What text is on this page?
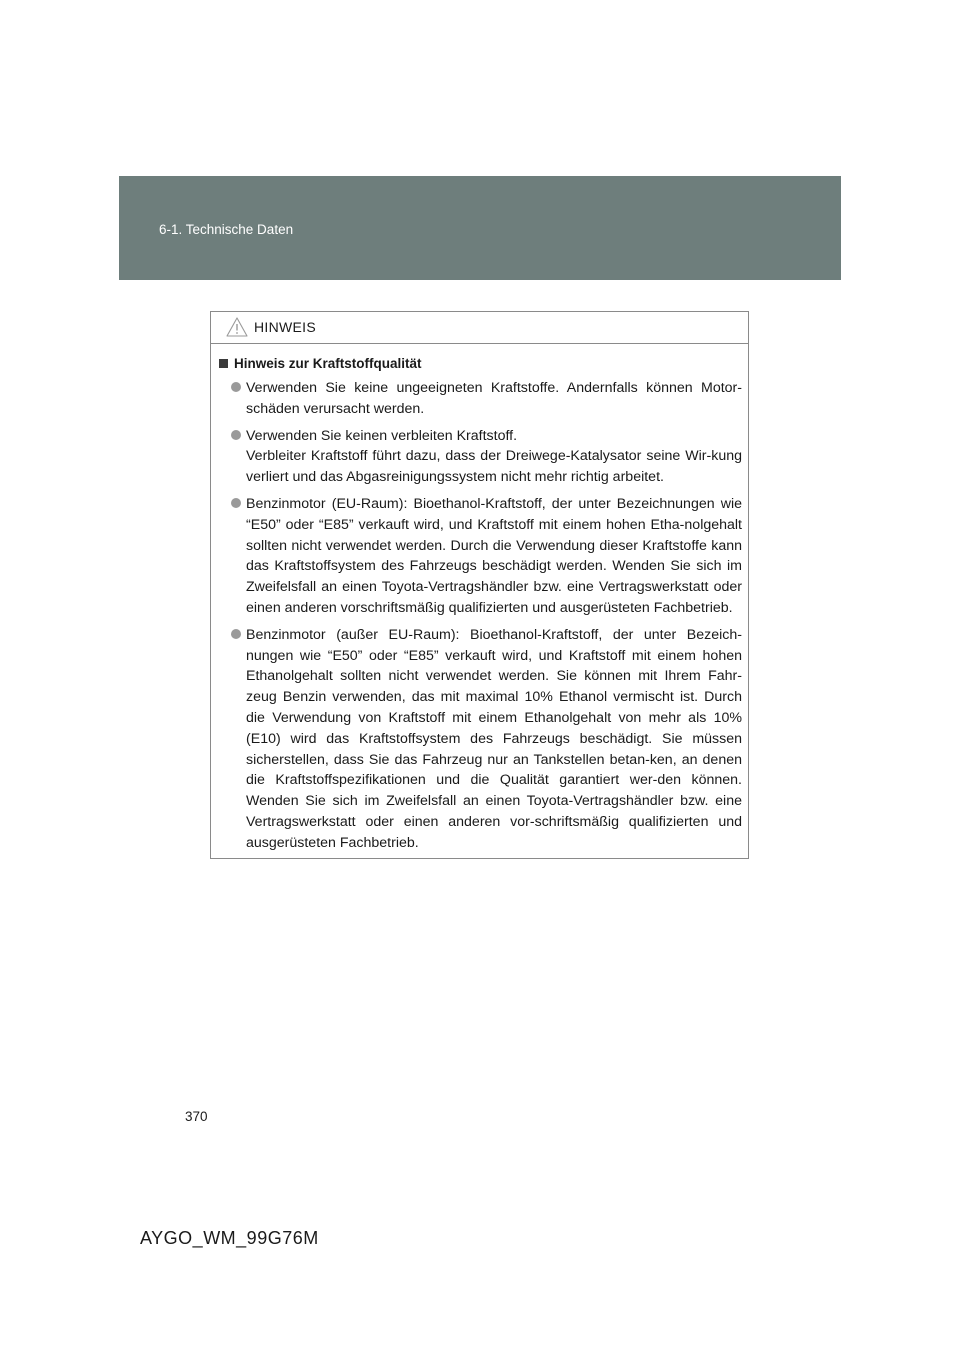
6-1. Technische Daten
HINWEIS
Hinweis zur Kraftstoffqualität

Verwenden Sie keine ungeeigneten Kraftstoffe. Andernfalls können Motor-schäden verursacht werden.

Verwenden Sie keinen verbleiten Kraftstoff.

Verbleiter Kraftstoff führt dazu, dass der Dreiwege-Katalysator seine Wir-kung verliert und das Abgasreinigungssystem nicht mehr richtig arbeitet.

Benzinmotor (EU-Raum): Bioethanol-Kraftstoff, der unter Bezeichnungen wie “E50” oder “E85” verkauft wird, und Kraftstoff mit einem hohen Etha-nolgehalt sollten nicht verwendet werden. Durch die Verwendung dieser Kraftstoffe kann das Kraftstoffsystem des Fahrzeugs beschädigt werden. Wenden Sie sich im Zweifelsfall an einen Toyota-Vertragshändler bzw. eine Vertragswerkstatt oder einen anderen vorschriftsmäßig qualifizierten und ausgerüsteten Fachbetrieb.

Benzinmotor (außer EU-Raum): Bioethanol-Kraftstoff, der unter Bezeich-nungen wie “E50” oder “E85” verkauft wird, und Kraftstoff mit einem hohen Ethanolgehalt sollten nicht verwendet werden. Sie können mit Ihrem Fahr-zeug Benzin verwenden, das mit maximal 10% Ethanol vermischt ist. Durch die Verwendung von Kraftstoff mit einem Ethanolgehalt von mehr als 10% (E10) wird das Kraftstoffsystem des Fahrzeugs beschädigt. Sie müssen sicherstellen, dass Sie das Fahrzeug nur an Tankstellen betan-ken, an denen die Kraftstoffspezifikationen und die Qualität garantiert wer-den können. Wenden Sie sich im Zweifelsfall an einen Toyota-Vertragshändler bzw. eine Vertragswerkstatt oder einen anderen vor-schriftsmäßig qualifizierten und ausgerüsteten Fachbetrieb.

370
AYGO_WM_99G76M
